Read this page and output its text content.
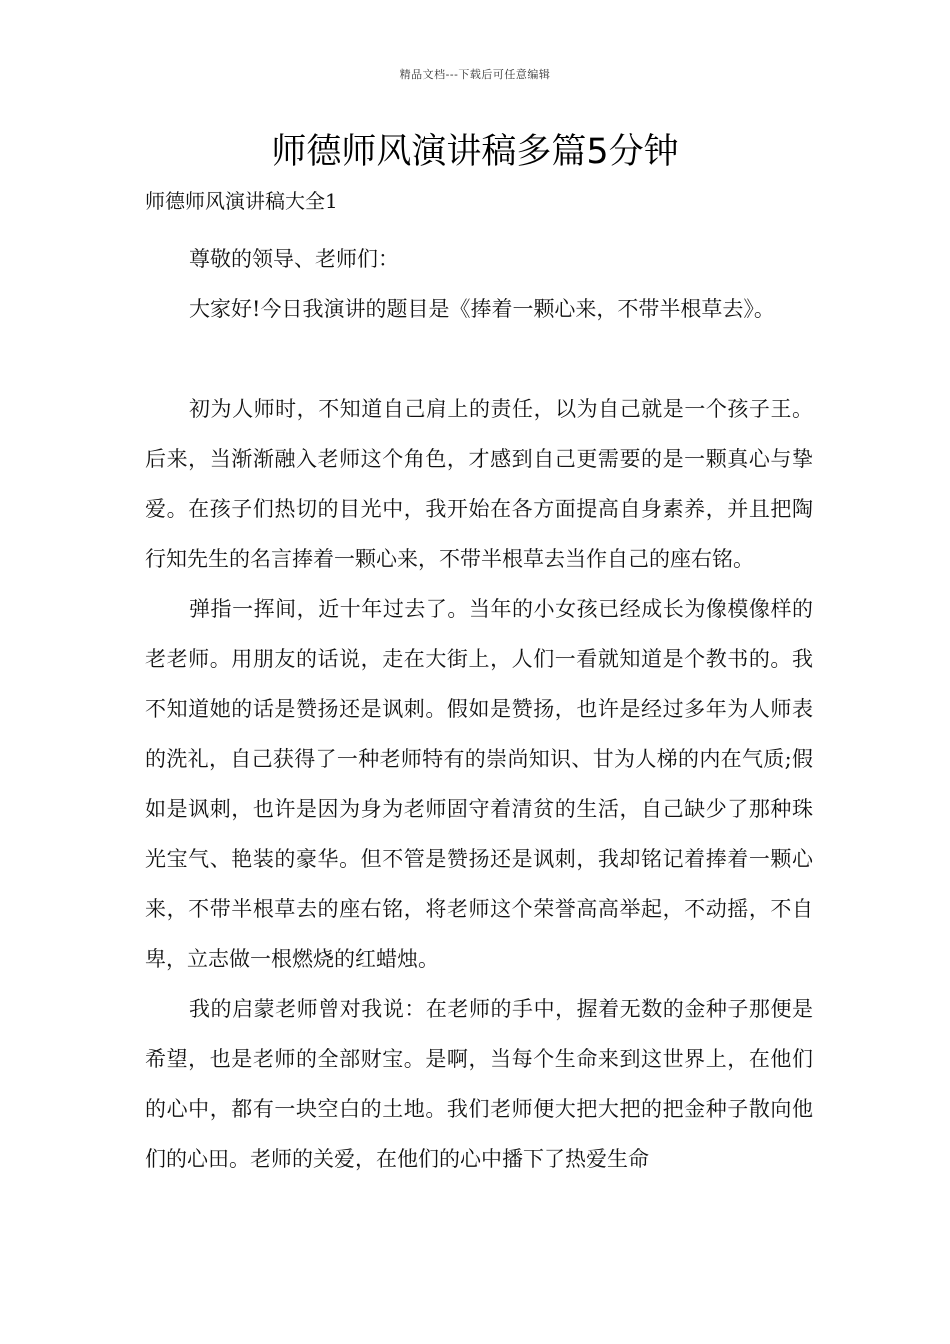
精品文档---下载后可任意编辑
师德师风演讲稿多篇5分钟

师德师风演讲稿大全1

尊敬的领导、老师们：

大家好!今日我演讲的题目是《捧着一颗心来，不带半根草去》。

初为人师时，不知道自己肩上的责任，以为自己就是一个孩子王。后来，当渐渐融入老师这个角色，才感到自己更需要的是一颗真心与挚爱。在孩子们热切的目光中，我开始在各方面提高自身素养，并且把陶行知先生的名言捧着一颗心来，不带半根草去当作自己的座右铭。

弹指一挥间，近十年过去了。当年的小女孩已经成长为像模像样的老老师。用朋友的话说，走在大街上，人们一看就知道是个教书的。我不知道她的话是赞扬还是讽刺。假如是赞扬，也许是经过多年为人师表的洗礼，自己获得了一种老师特有的崇尚知识、甘为人梯的内在气质;假如是讽刺，也许是因为身为老师固守着清贫的生活，自己缺少了那种珠光宝气、艳装的豪华。但不管是赞扬还是讽刺，我却铭记着捧着一颗心来，不带半根草去的座右铭，将老师这个荣誉高高举起，不动摇，不自卑，立志做一根燃烧的红蜡烛。

我的启蒙老师曾对我说：在老师的手中，握着无数的金种子那便是希望，也是老师的全部财宝。是啊，当每个生命来到这世界上，在他们的心中，都有一块空白的土地。我们老师便大把大把的把金种子散向他们的心田。老师的关爱，在他们的心中播下了热爱生命
